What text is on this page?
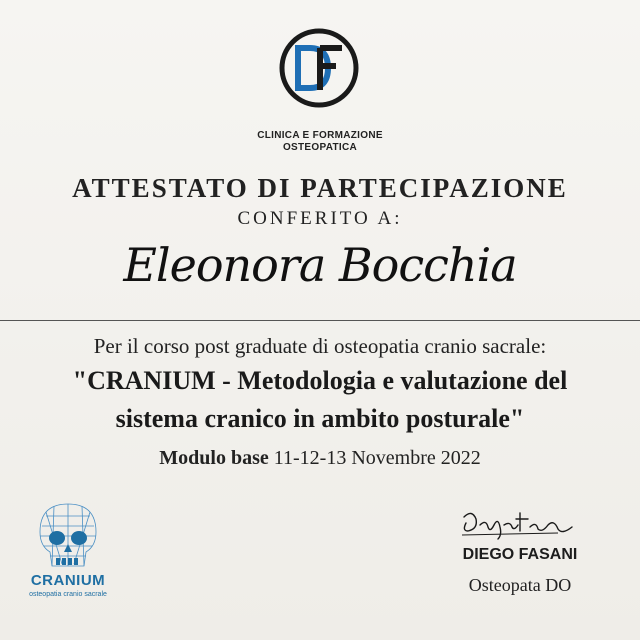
CLINICA E FORMAZIONE
OSTEOPATICA
ATTESTATO DI PARTECIPAZIONE
CONFERITO A:
Eleonora Bocchia
Per il corso post graduate di osteopatia cranio sacrale:
"CRANIUM - Metodologia e valutazione del
sistema cranico in ambito posturale"
Modulo base 11-12-13 Novembre 2022
CRANIUM
osteopatia cranio sacrale
DIEGO FASANI
Osteopata DO
